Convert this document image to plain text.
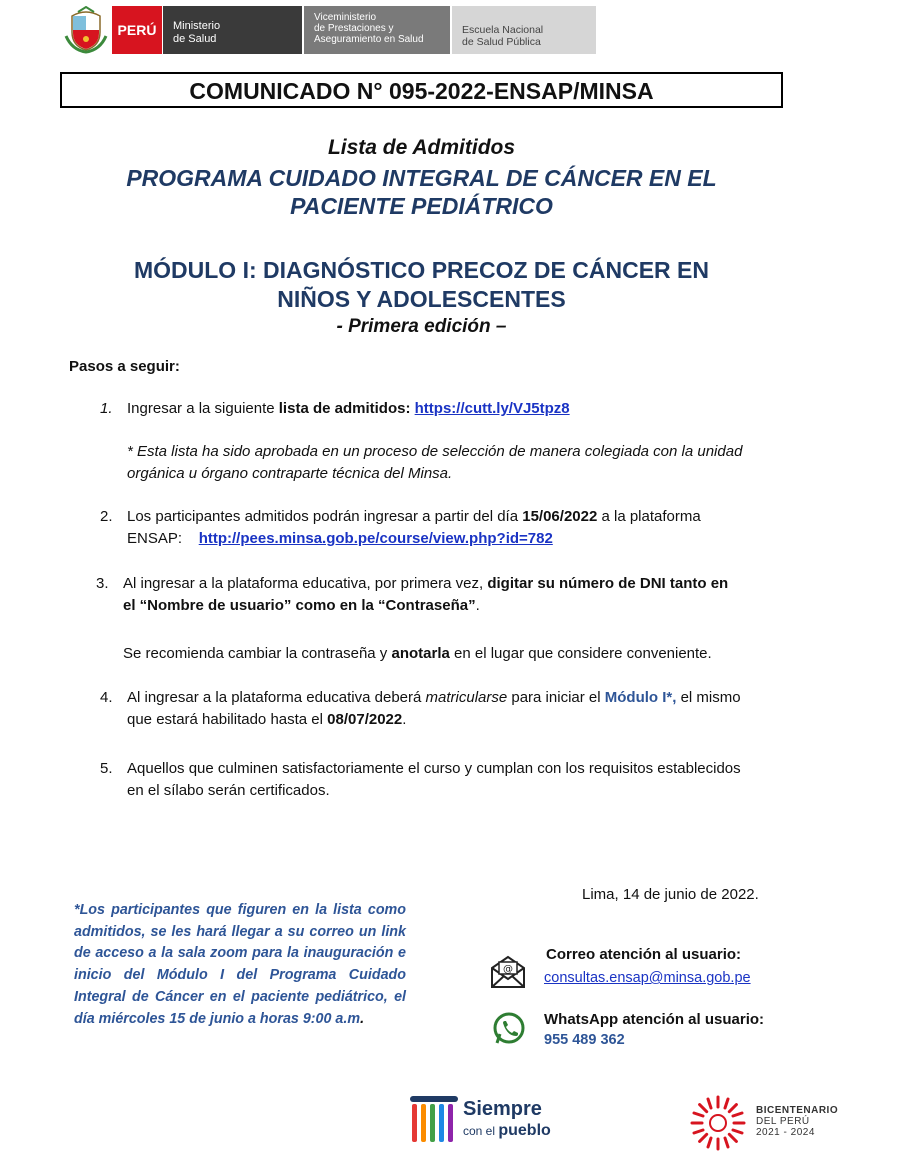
PERÚ	Ministerio
de Salud
Viceministerio
de Prestaciones y
Aseguramiento en Salud
Escuela Nacional
de Salud Pública
COMUNICADO N° 095-2022-ENSAP/MINSA
Lista de Admitidos
PROGRAMA CUIDADO INTEGRAL DE CÁNCER EN EL
PACIENTE PEDIÁTRICO
MÓDULO I: DIAGNÓSTICO PRECOZ DE CÁNCER EN
NIÑOS Y ADOLESCENTES
- Primera edición –
Pasos a seguir:
1. Ingresar a la siguiente lista de admitidos: https://cutt.ly/VJ5tpz8
* Esta lista ha sido aprobada en un proceso de selección de manera colegiada con la unidad
orgánica u órgano contraparte técnica del Minsa.
2. Los participantes admitidos podrán ingresar a partir del día 15/06/2022 a la plataforma
ENSAP: http://pees.minsa.gob.pe/course/view.php?id=782
3. Al ingresar a la plataforma educativa, por primera vez, digitar su número de DNI tanto en
el “Nombre de usuario” como en la “Contraseña”.
Se recomienda cambiar la contraseña y anotarla en el lugar que considere conveniente.
4. Al ingresar a la plataforma educativa deberá matricularse para iniciar el Módulo I*, el mismo
que estará habilitado hasta el 08/07/2022.
5. Aquellos que culminen satisfactoriamente el curso y cumplan con los requisitos establecidos
en el sílabo serán certificados.
Lima, 14 de junio de 2022.
*Los participantes que figuren en la lista como admitidos, se les hará llegar a su correo un link de acceso a la sala zoom para la inauguración e inicio del Módulo I del Programa Cuidado Integral de Cáncer en el paciente pediátrico, el día miércoles 15 de junio a horas 9:00 a.m.
@
Correo atención al usuario:
consultas.ensap@minsa.gob.pe
WhatsApp atención al usuario:
955 489 362
Siempre
con el pueblo
BICENTENARIO
DEL PERÚ
2021 - 2024
